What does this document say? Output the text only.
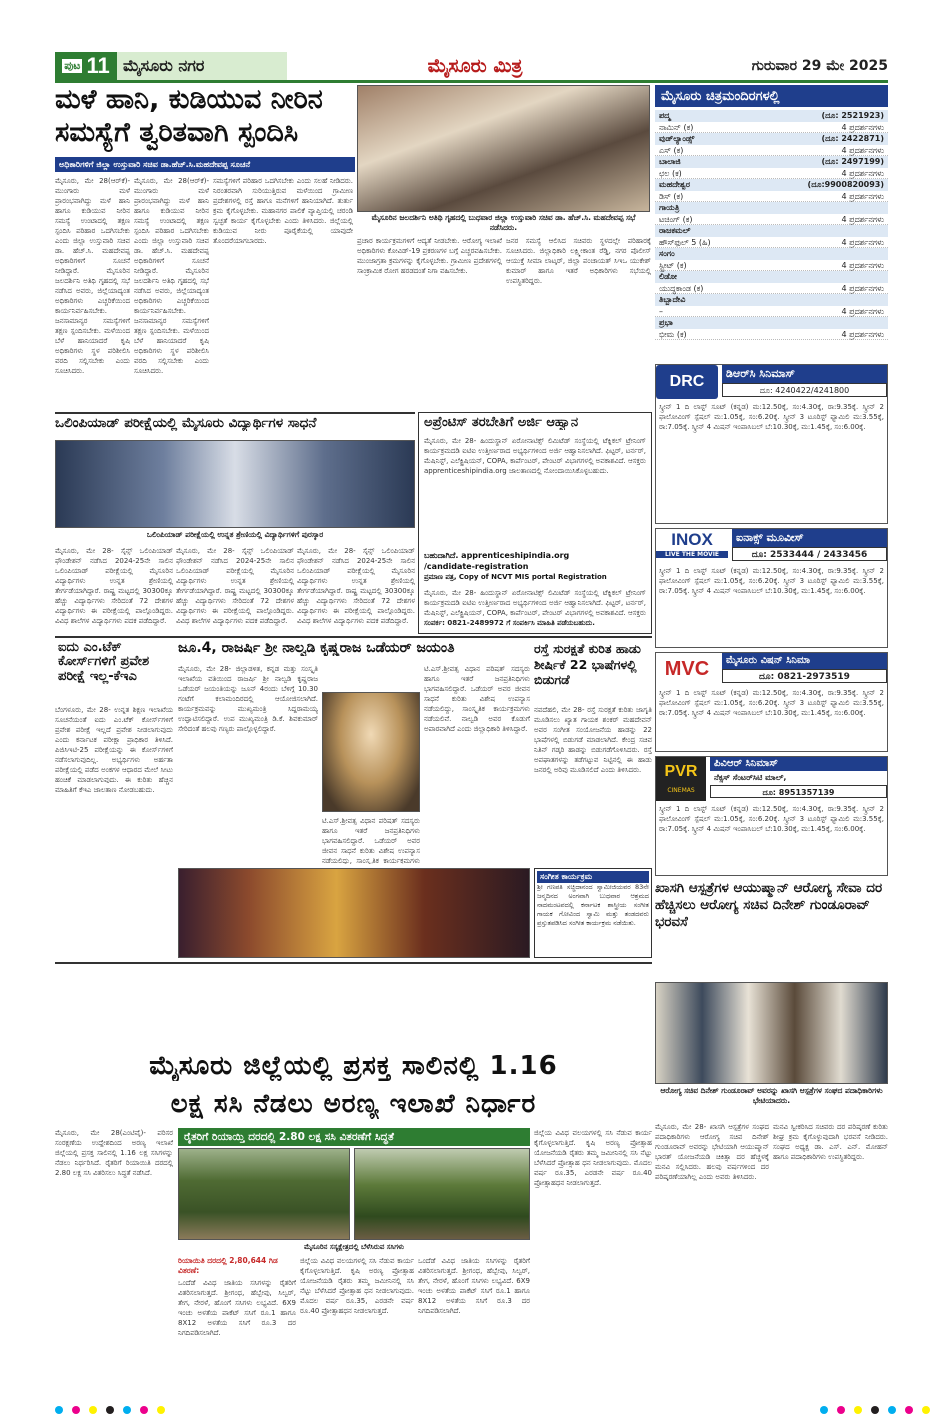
ಪುಟ 11 ಮೈಸೂರು ನಗರ	ಮೈಸೂರು ಮಿತ್ರ	ಗುರುವಾರ 29 ಮೇ 2025
ಮಳೆ ಹಾನಿ, ಕುಡಿಯುವ ನೀರಿನ
ಸಮಸ್ಯೆಗೆ ತ್ವರಿತವಾಗಿ ಸ್ಪಂದಿಸಿ
ಅಧಿಕಾರಿಗಳಿಗೆ ಜಿಲ್ಲಾ ಉಸ್ತುವಾರಿ ಸಚಿವ ಡಾ.ಹೆಚ್.ಸಿ.ಮಹದೇವಪ್ಪ ಸೂಚನೆ
ಮೈಸೂರಿನ ಜಲದರ್ಶಿನಿ ಅತಿಥಿ ಗೃಹದಲ್ಲಿ ಬುಧವಾರ ಜಿಲ್ಲಾ ಉಸ್ತುವಾರಿ ಸಚಿವ ಡಾ. ಹೆಚ್.ಸಿ. ಮಹದೇವಪ್ಪ ಸಭೆ ನಡೆಸಿದರು.
ಮೈಸೂರು, ಮೇ 28(ಆರ್‌ಕೆ)- ಮುಂಗಾರು ಮಳೆ ಪ್ರಾರಂಭವಾಗಿದ್ದು ಮಳೆ ಹಾನಿ ಹಾಗೂ ಕುಡಿಯುವ ನೀರಿನ ಸಮಸ್ಯೆ ಉಂಟಾದಲ್ಲಿ ತಕ್ಷಣ ಸ್ಪಂದಿಸಿ ಪರಿಹಾರ ಒದಗಿಸಬೇಕು ಎಂದು ಜಿಲ್ಲಾ ಉಸ್ತುವಾರಿ ಸಚಿವ ಡಾ. ಹೆಚ್.ಸಿ. ಮಹದೇವಪ್ಪ ಅಧಿಕಾರಿಗಳಿಗೆ ಸೂಚನೆ ನೀಡಿದ್ದಾರೆ. ಮೈಸೂರಿನ ಜಲದರ್ಶಿನಿ ಅತಿಥಿ ಗೃಹದಲ್ಲಿ ಸಭೆ ನಡೆಸಿದ ಅವರು, ಜಿಲ್ಲೆಯಾದ್ಯಂತ ಅಧಿಕಾರಿಗಳು ಎಚ್ಚರಿಕೆಯಿಂದ ಕಾರ್ಯನಿರ್ವಹಿಸಬೇಕು. ಜನಸಾಮಾನ್ಯರ ಸಮಸ್ಯೆಗಳಿಗೆ ತಕ್ಷಣ ಸ್ಪಂದಿಸಬೇಕು. ಮಳೆಯಿಂದ ಬೆಳೆ ಹಾನಿಯಾದರೆ ಕೃಷಿ ಅಧಿಕಾರಿಗಳು ಸ್ಥಳ ಪರಿಶೀಲಿಸಿ ವರದಿ ಸಲ್ಲಿಸಬೇಕು ಎಂದು ಸೂಚಿಸಿದರು.
ಮೈಸೂರು, ಮೇ 28(ಆರ್‌ಕೆ)- ಮುಂಗಾರು ಮಳೆ ಪ್ರಾರಂಭವಾಗಿದ್ದು ಮಳೆ ಹಾನಿ ಹಾಗೂ ಕುಡಿಯುವ ನೀರಿನ ಸಮಸ್ಯೆ ಉಂಟಾದಲ್ಲಿ ತಕ್ಷಣ ಸ್ಪಂದಿಸಿ ಪರಿಹಾರ ಒದಗಿಸಬೇಕು ಎಂದು ಜಿಲ್ಲಾ ಉಸ್ತುವಾರಿ ಸಚಿವ ಡಾ. ಹೆಚ್.ಸಿ. ಮಹದೇವಪ್ಪ ಅಧಿಕಾರಿಗಳಿಗೆ ಸೂಚನೆ ನೀಡಿದ್ದಾರೆ. ಮೈಸೂರಿನ ಜಲದರ್ಶಿನಿ ಅತಿಥಿ ಗೃಹದಲ್ಲಿ ಸಭೆ ನಡೆಸಿದ ಅವರು, ಜಿಲ್ಲೆಯಾದ್ಯಂತ ಅಧಿಕಾರಿಗಳು ಎಚ್ಚರಿಕೆಯಿಂದ ಕಾರ್ಯನಿರ್ವಹಿಸಬೇಕು. ಜನಸಾಮಾನ್ಯರ ಸಮಸ್ಯೆಗಳಿಗೆ ತಕ್ಷಣ ಸ್ಪಂದಿಸಬೇಕು. ಮಳೆಯಿಂದ ಬೆಳೆ ಹಾನಿಯಾದರೆ ಕೃಷಿ ಅಧಿಕಾರಿಗಳು ಸ್ಥಳ ಪರಿಶೀಲಿಸಿ ವರದಿ ಸಲ್ಲಿಸಬೇಕು ಎಂದು ಸೂಚಿಸಿದರು.
ಸಮಸ್ಯೆಗಳಿಗೆ ಪರಿಹಾರ ಒದಗಿಸಬೇಕು ಎಂದು ಸಲಹೆ ನೀಡಿದರು. ನಿರಂತರವಾಗಿ ಸುರಿಯುತ್ತಿರುವ ಮಳೆಯಿಂದ ಗ್ರಾಮೀಣ ಪ್ರದೇಶಗಳಲ್ಲಿ ರಸ್ತೆ ಹಾಗೂ ಮನೆಗಳಿಗೆ ಹಾನಿಯಾಗಿದೆ. ತುರ್ತು ಕ್ರಮ ಕೈಗೊಳ್ಳಬೇಕು. ಮಹಾನಗರ ಪಾಲಿಕೆ ವ್ಯಾಪ್ತಿಯಲ್ಲಿ ಚರಂಡಿ ಸ್ವಚ್ಛತೆ ಕಾರ್ಯ ಕೈಗೊಳ್ಳಬೇಕು ಎಂದು ತಿಳಿಸಿದರು. ಜಿಲ್ಲೆಯಲ್ಲಿ ಕುಡಿಯುವ ನೀರು ಪೂರೈಕೆಯಲ್ಲಿ ಯಾವುದೇ ತೊಂದರೆಯಾಗಬಾರದು.	ಪ್ರಚಾರ ಕಾರ್ಯಕ್ರಮಗಳಿಗೆ ಆದ್ಯತೆ ನೀಡಬೇಕು. ಆರೋಗ್ಯ ಇಲಾಖೆ ಅಧಿಕಾರಿಗಳು ಕೋವಿಡ್-19 ಪ್ರಕರಣಗಳ ಬಗ್ಗೆ ಎಚ್ಚರವಹಿಸಬೇಕು. ಮುಂಜಾಗ್ರತಾ ಕ್ರಮಗಳನ್ನು ಕೈಗೊಳ್ಳಬೇಕು. ಗ್ರಾಮೀಣ ಪ್ರದೇಶಗಳಲ್ಲಿ ಸಾಂಕ್ರಾಮಿಕ ರೋಗ ಹರಡದಂತೆ ನಿಗಾ ವಹಿಸಬೇಕು.
ಜನರ ಸಮಸ್ಯೆ ಆಲಿಸಿದ ಸಚಿವರು ಸ್ಥಳದಲ್ಲೇ ಪರಿಹಾರಕ್ಕೆ ಸೂಚಿಸಿದರು. ಜಿಲ್ಲಾಧಿಕಾರಿ ಲಕ್ಷ್ಮೀಕಾಂತ ರೆಡ್ಡಿ, ನಗರ ಪೊಲೀಸ್ ಆಯುಕ್ತೆ ಸೀಮಾ ಲಾಟ್ಕರ್, ಜಿಲ್ಲಾ ಪಂಚಾಯತ್ ಸಿಇಒ ಯುಕೇಶ್ ಕುಮಾರ್ ಹಾಗೂ ಇತರೆ ಅಧಿಕಾರಿಗಳು ಸಭೆಯಲ್ಲಿ ಉಪಸ್ಥಿತರಿದ್ದರು.
ಮೈಸೂರು ಚಿತ್ರಮಂದಿರಗಳಲ್ಲಿ
ಪದ್ಮ	(ದೂ: 2521923)
ನಾಮಿನ್ (ಕ)	4 ಪ್ರದರ್ಶನಗಳು
ವುಡ್‌ಲ್ಯಾಂಡ್ಸ್	(ದೂ: 2422871)
ಎಸ್ (ಕ)	4 ಪ್ರದರ್ಶನಗಳು
ಬಾಲಾಜಿ	(ದೂ: 2497199)
ಛಲ (ಕ)	4 ಪ್ರದರ್ಶನಗಳು
ಮಹದೇಶ್ವರ	(ದೂ:9900820093)
ಡಿಸ್ (ಕ)	4 ಪ್ರದರ್ಶನಗಳು
ಗಾಯತ್ರಿ
ಟಚಿಂಗ್ (ಕ)	4 ಪ್ರದರ್ಶನಗಳು
ರಾಜಕಮಲ್
ಹೌಸ್‌ಫುಲ್ 5 (ಹಿ)	4 ಪ್ರದರ್ಶನಗಳು
ಸಂಗಂ
ಸ್ಟ್ರೀಟ್ (ಕ)	4 ಪ್ರದರ್ಶನಗಳು
ಲಿಡೋ
ಯುದ್ಧಕಾಂಡ (ಕ)	4 ಪ್ರದರ್ಶನಗಳು
ತಿಬ್ಬಾದೇವಿ
–	4 ಪ್ರದರ್ಶನಗಳು
ಪ್ರಭಾ
ಭೀಮ (ಕ)	4 ಪ್ರದರ್ಶನಗಳು
DRC	ಡಿಆರ್‌ಸಿ ಸಿನಿಮಾಸ್
ದೂ: 4240422/4241800
ಸ್ಕ್ರೀನ್ 1 ದಿ ಲಾಸ್ಟ್ ಸೂಟ್ (ಕನ್ನಡ) ಮ:12.50ಕ್ಕೆ, ಸಂ:4.30ಕ್ಕೆ, ರಾ:9.35ಕ್ಕೆ. ಸ್ಕ್ರೀನ್ 2 ಫಾಲೋವಿಂಗ್ ಸ್ಪೆಷಲ್ ಮ:1.05ಕ್ಕೆ, ಸಂ:6.20ಕ್ಕೆ. ಸ್ಕ್ರೀನ್ 3 ಟೂರಿಸ್ಟ್ ಫ್ಯಾಮಿಲಿ ಮ:3.55ಕ್ಕೆ, ರಾ:7.05ಕ್ಕೆ. ಸ್ಕ್ರೀನ್ 4 ಮಿಷನ್ ಇಂಪಾಸಿಬಲ್ ಬೆ:10.30ಕ್ಕೆ, ಮ:1.45ಕ್ಕೆ, ಸಂ:6.00ಕ್ಕೆ.
INOX
LIVE THE MOVIE
ಐನಾಕ್ಸ್ ಮೂವೀಸ್
ದೂ: 2533444 / 2433456
ಸ್ಕ್ರೀನ್ 1 ದಿ ಲಾಸ್ಟ್ ಸೂಟ್ (ಕನ್ನಡ) ಮ:12.50ಕ್ಕೆ, ಸಂ:4.30ಕ್ಕೆ, ರಾ:9.35ಕ್ಕೆ. ಸ್ಕ್ರೀನ್ 2 ಫಾಲೋವಿಂಗ್ ಸ್ಪೆಷಲ್ ಮ:1.05ಕ್ಕೆ, ಸಂ:6.20ಕ್ಕೆ. ಸ್ಕ್ರೀನ್ 3 ಟೂರಿಸ್ಟ್ ಫ್ಯಾಮಿಲಿ ಮ:3.55ಕ್ಕೆ, ರಾ:7.05ಕ್ಕೆ. ಸ್ಕ್ರೀನ್ 4 ಮಿಷನ್ ಇಂಪಾಸಿಬಲ್ ಬೆ:10.30ಕ್ಕೆ, ಮ:1.45ಕ್ಕೆ, ಸಂ:6.00ಕ್ಕೆ.
MVC	ಮೈಸೂರು ವಿಷನ್ ಸಿನಿಮಾ
ದೂ: 0821-2973519
ಸ್ಕ್ರೀನ್ 1 ದಿ ಲಾಸ್ಟ್ ಸೂಟ್ (ಕನ್ನಡ) ಮ:12.50ಕ್ಕೆ, ಸಂ:4.30ಕ್ಕೆ, ರಾ:9.35ಕ್ಕೆ. ಸ್ಕ್ರೀನ್ 2 ಫಾಲೋವಿಂಗ್ ಸ್ಪೆಷಲ್ ಮ:1.05ಕ್ಕೆ, ಸಂ:6.20ಕ್ಕೆ. ಸ್ಕ್ರೀನ್ 3 ಟೂರಿಸ್ಟ್ ಫ್ಯಾಮಿಲಿ ಮ:3.55ಕ್ಕೆ, ರಾ:7.05ಕ್ಕೆ. ಸ್ಕ್ರೀನ್ 4 ಮಿಷನ್ ಇಂಪಾಸಿಬಲ್ ಬೆ:10.30ಕ್ಕೆ, ಮ:1.45ಕ್ಕೆ, ಸಂ:6.00ಕ್ಕೆ.
PVR
CINEMAS
ಪಿವಿಆರ್ ಸಿನಿಮಾಸ್
ನೆಕ್ಸಸ್ ಸೆಂಟರ್‌ಸಿಟಿ ಮಾಲ್,
ದೂ: 8951357139
ಸ್ಕ್ರೀನ್ 1 ದಿ ಲಾಸ್ಟ್ ಸೂಟ್ (ಕನ್ನಡ) ಮ:12.50ಕ್ಕೆ, ಸಂ:4.30ಕ್ಕೆ, ರಾ:9.35ಕ್ಕೆ. ಸ್ಕ್ರೀನ್ 2 ಫಾಲೋವಿಂಗ್ ಸ್ಪೆಷಲ್ ಮ:1.05ಕ್ಕೆ, ಸಂ:6.20ಕ್ಕೆ. ಸ್ಕ್ರೀನ್ 3 ಟೂರಿಸ್ಟ್ ಫ್ಯಾಮಿಲಿ ಮ:3.55ಕ್ಕೆ, ರಾ:7.05ಕ್ಕೆ. ಸ್ಕ್ರೀನ್ 4 ಮಿಷನ್ ಇಂಪಾಸಿಬಲ್ ಬೆ:10.30ಕ್ಕೆ, ಮ:1.45ಕ್ಕೆ, ಸಂ:6.00ಕ್ಕೆ.
ಒಲಿಂಪಿಯಾಡ್ ಪರೀಕ್ಷೆಯಲ್ಲಿ ಮೈಸೂರು ವಿದ್ಯಾರ್ಥಿಗಳ ಸಾಧನೆ
ಒಲಿಂಪಿಯಾಡ್ ಪರೀಕ್ಷೆಯಲ್ಲಿ ಉನ್ನತ ಶ್ರೇಣಿಯಲ್ಲಿ ವಿದ್ಯಾರ್ಥಿಗಳಿಗೆ ಪುರಸ್ಕಾರ
ಮೈಸೂರು, ಮೇ 28- ಸೈನ್ಸ್ ಒಲಿಂಪಿಯಾಡ್ ಫೌಂಡೇಶನ್ ನಡೆಸಿದ 2024-25ನೇ ಸಾಲಿನ ಒಲಿಂಪಿಯಾಡ್ ಪರೀಕ್ಷೆಯಲ್ಲಿ ಮೈಸೂರಿನ ವಿದ್ಯಾರ್ಥಿಗಳು ಉನ್ನತ ಶ್ರೇಣಿಯಲ್ಲಿ ತೇರ್ಗಡೆಯಾಗಿದ್ದಾರೆ. ರಾಷ್ಟ್ರ ಮಟ್ಟದಲ್ಲಿ 30300ಕ್ಕೂ ಹೆಚ್ಚು ವಿದ್ಯಾರ್ಥಿಗಳು ಸೇರಿದಂತೆ 72 ದೇಶಗಳ ವಿದ್ಯಾರ್ಥಿಗಳು ಈ ಪರೀಕ್ಷೆಯಲ್ಲಿ ಪಾಲ್ಗೊಂಡಿದ್ದರು. ವಿವಿಧ ಶಾಲೆಗಳ ವಿದ್ಯಾರ್ಥಿಗಳು ಪದಕ ಪಡೆದಿದ್ದಾರೆ.
ಮೈಸೂರು, ಮೇ 28- ಸೈನ್ಸ್ ಒಲಿಂಪಿಯಾಡ್ ಫೌಂಡೇಶನ್ ನಡೆಸಿದ 2024-25ನೇ ಸಾಲಿನ ಒಲಿಂಪಿಯಾಡ್ ಪರೀಕ್ಷೆಯಲ್ಲಿ ಮೈಸೂರಿನ ವಿದ್ಯಾರ್ಥಿಗಳು ಉನ್ನತ ಶ್ರೇಣಿಯಲ್ಲಿ ತೇರ್ಗಡೆಯಾಗಿದ್ದಾರೆ. ರಾಷ್ಟ್ರ ಮಟ್ಟದಲ್ಲಿ 30300ಕ್ಕೂ ಹೆಚ್ಚು ವಿದ್ಯಾರ್ಥಿಗಳು ಸೇರಿದಂತೆ 72 ದೇಶಗಳ ವಿದ್ಯಾರ್ಥಿಗಳು ಈ ಪರೀಕ್ಷೆಯಲ್ಲಿ ಪಾಲ್ಗೊಂಡಿದ್ದರು. ವಿವಿಧ ಶಾಲೆಗಳ ವಿದ್ಯಾರ್ಥಿಗಳು ಪದಕ ಪಡೆದಿದ್ದಾರೆ.
ಮೈಸೂರು, ಮೇ 28- ಸೈನ್ಸ್ ಒಲಿಂಪಿಯಾಡ್ ಫೌಂಡೇಶನ್ ನಡೆಸಿದ 2024-25ನೇ ಸಾಲಿನ ಒಲಿಂಪಿಯಾಡ್ ಪರೀಕ್ಷೆಯಲ್ಲಿ ಮೈಸೂರಿನ ವಿದ್ಯಾರ್ಥಿಗಳು ಉನ್ನತ ಶ್ರೇಣಿಯಲ್ಲಿ ತೇರ್ಗಡೆಯಾಗಿದ್ದಾರೆ. ರಾಷ್ಟ್ರ ಮಟ್ಟದಲ್ಲಿ 30300ಕ್ಕೂ ಹೆಚ್ಚು ವಿದ್ಯಾರ್ಥಿಗಳು ಸೇರಿದಂತೆ 72 ದೇಶಗಳ ವಿದ್ಯಾರ್ಥಿಗಳು ಈ ಪರೀಕ್ಷೆಯಲ್ಲಿ ಪಾಲ್ಗೊಂಡಿದ್ದರು. ವಿವಿಧ ಶಾಲೆಗಳ ವಿದ್ಯಾರ್ಥಿಗಳು ಪದಕ ಪಡೆದಿದ್ದಾರೆ.
ಅಪ್ರೆಂಟಿಸ್ ತರಬೇತಿಗೆ ಅರ್ಜಿ ಆಹ್ವಾನ
ಮೈಸೂರು, ಮೇ 28- ಹಿಂದುಸ್ಥಾನ್ ಏರೋನಾಟಿಕ್ಸ್ ಲಿಮಿಟೆಡ್ ಸಂಸ್ಥೆಯಲ್ಲಿ ಟೆಕ್ನಿಕಲ್ ಟ್ರೇನಿಂಗ್ ಕಾರ್ಯಕ್ರಮದಡಿ ಐಟಿಐ ಉತ್ತೀರ್ಣರಾದ ಅಭ್ಯರ್ಥಿಗಳಿಂದ ಅರ್ಜಿ ಆಹ್ವಾನಿಸಲಾಗಿದೆ. ಫಿಟ್ಟರ್, ಟರ್ನರ್, ಮೆಷಿನಿಸ್ಟ್, ಎಲೆಕ್ಟ್ರಿಷಿಯನ್, COPA, ಕಾರ್ಪೆಂಟರ್, ಪೇಂಟರ್ ವಿಭಾಗಗಳಲ್ಲಿ ಅವಕಾಶವಿದೆ. ಆಸಕ್ತರು apprenticeshipindia.org ಜಾಲತಾಣದಲ್ಲಿ ನೋಂದಾಯಿಸಿಕೊಳ್ಳಬಹುದು.
ಬಹುದಾಗಿದೆ. apprenticeshipindia.org
/candidate-registration
ಪ್ರಮಾಣ ಪತ್ರ, Copy of NCVT MIS portal Registration
ಮೈಸೂರು, ಮೇ 28- ಹಿಂದುಸ್ಥಾನ್ ಏರೋನಾಟಿಕ್ಸ್ ಲಿಮಿಟೆಡ್ ಸಂಸ್ಥೆಯಲ್ಲಿ ಟೆಕ್ನಿಕಲ್ ಟ್ರೇನಿಂಗ್ ಕಾರ್ಯಕ್ರಮದಡಿ ಐಟಿಐ ಉತ್ತೀರ್ಣರಾದ ಅಭ್ಯರ್ಥಿಗಳಿಂದ ಅರ್ಜಿ ಆಹ್ವಾನಿಸಲಾಗಿದೆ. ಫಿಟ್ಟರ್, ಟರ್ನರ್, ಮೆಷಿನಿಸ್ಟ್, ಎಲೆಕ್ಟ್ರಿಷಿಯನ್, COPA, ಕಾರ್ಪೆಂಟರ್, ಪೇಂಟರ್ ವಿಭಾಗಗಳಲ್ಲಿ ಅವಕಾಶವಿದೆ. ಆಸಕ್ತರು
ಸಂಪರ್ಕ: 0821-2489972 ಗೆ ಸಂಪರ್ಕಿಸಿ ಮಾಹಿತಿ ಪಡೆಯಬಹುದು.
ಐದು ಎಂ.ಟೆಕ್ ಕೋರ್ಸ್‌ಗಳಿಗೆ ಪ್ರವೇಶ ಪರೀಕ್ಷೆ ಇಲ್ಲ-ಕೆಇಎ
ಬೆಂಗಳೂರು, ಮೇ 28- ಉನ್ನತ ಶಿಕ್ಷಣ ಇಲಾಖೆಯ ಸೂಚನೆಯಂತೆ ಐದು ಎಂ.ಟೆಕ್ ಕೋರ್ಸ್‌ಗಳಿಗೆ ಪ್ರವೇಶ ಪರೀಕ್ಷೆ ಇಲ್ಲದೆ ಪ್ರವೇಶ ನೀಡಲಾಗುವುದು ಎಂದು ಕರ್ನಾಟಕ ಪರೀಕ್ಷಾ ಪ್ರಾಧಿಕಾರ ತಿಳಿಸಿದೆ. ಪಿಜಿಸಿಇಟಿ-25 ಪರೀಕ್ಷೆಯನ್ನು ಈ ಕೋರ್ಸ್‌ಗಳಿಗೆ ನಡೆಸಲಾಗುವುದಿಲ್ಲ. ಅಭ್ಯರ್ಥಿಗಳು ಅರ್ಹತಾ ಪರೀಕ್ಷೆಯಲ್ಲಿ ಪಡೆದ ಅಂಕಗಳ ಆಧಾರದ ಮೇಲೆ ಸೀಟು ಹಂಚಿಕೆ ಮಾಡಲಾಗುವುದು. ಈ ಕುರಿತು ಹೆಚ್ಚಿನ ಮಾಹಿತಿಗೆ ಕೆಇಎ ಜಾಲತಾಣ ನೋಡಬಹುದು.
ಜೂ.4, ರಾಜರ್ಷಿ ಶ್ರೀ ನಾಲ್ವಡಿ ಕೃಷ್ಣರಾಜ ಒಡೆಯರ್ ಜಯಂತಿ
ಮೈಸೂರು, ಮೇ 28- ಜಿಲ್ಲಾಡಳಿತ, ಕನ್ನಡ ಮತ್ತು ಸಂಸ್ಕೃತಿ ಇಲಾಖೆಯ ವತಿಯಿಂದ ರಾಜರ್ಷಿ ಶ್ರೀ ನಾಲ್ವಡಿ ಕೃಷ್ಣರಾಜ ಒಡೆಯರ್ ಜಯಂತಿಯನ್ನು ಜೂನ್ 4ರಂದು ಬೆಳಿಗ್ಗೆ 10.30 ಗಂಟೆಗೆ ಕಲಾಮಂದಿರದಲ್ಲಿ ಆಯೋಜಿಸಲಾಗಿದೆ. ಕಾರ್ಯಕ್ರಮವನ್ನು ಮುಖ್ಯಮಂತ್ರಿ ಸಿದ್ದರಾಮಯ್ಯ ಉದ್ಘಾಟಿಸಲಿದ್ದಾರೆ. ಉಪ ಮುಖ್ಯಮಂತ್ರಿ ಡಿ.ಕೆ. ಶಿವಕುಮಾರ್ ಸೇರಿದಂತೆ ಹಲವು ಗಣ್ಯರು ಪಾಲ್ಗೊಳ್ಳಲಿದ್ದಾರೆ.
ಟಿ.ಎಸ್.ಶ್ರೀವತ್ಸ ವಿಧಾನ ಪರಿಷತ್ ಸದಸ್ಯರು ಹಾಗೂ ಇತರೆ ಜನಪ್ರತಿನಿಧಿಗಳು ಭಾಗವಹಿಸಲಿದ್ದಾರೆ. ಒಡೆಯರ್ ಅವರ ಜೀವನ ಸಾಧನೆ ಕುರಿತು ವಿಶೇಷ ಉಪನ್ಯಾಸ ನಡೆಯಲಿದ್ದು, ಸಾಂಸ್ಕೃತಿಕ ಕಾರ್ಯಕ್ರಮಗಳು
ಟಿ.ಎಸ್.ಶ್ರೀವತ್ಸ ವಿಧಾನ ಪರಿಷತ್ ಸದಸ್ಯರು ಹಾಗೂ ಇತರೆ ಜನಪ್ರತಿನಿಧಿಗಳು ಭಾಗವಹಿಸಲಿದ್ದಾರೆ. ಒಡೆಯರ್ ಅವರ ಜೀವನ ಸಾಧನೆ ಕುರಿತು ವಿಶೇಷ ಉಪನ್ಯಾಸ ನಡೆಯಲಿದ್ದು, ಸಾಂಸ್ಕೃತಿಕ ಕಾರ್ಯಕ್ರಮಗಳು ನಡೆಯಲಿವೆ. ನಾಲ್ವಡಿ ಅವರ ಕೊಡುಗೆ ಅಪಾರವಾಗಿದೆ ಎಂದು ಜಿಲ್ಲಾಧಿಕಾರಿ ತಿಳಿಸಿದ್ದಾರೆ.
ರಸ್ತೆ ಸುರಕ್ಷತೆ ಕುರಿತ ಹಾಡು ಶೀರ್ಷಿಕೆ 22 ಭಾಷೆಗಳಲ್ಲಿ ಬಿಡುಗಡೆ
ನವದೆಹಲಿ, ಮೇ 28- ರಸ್ತೆ ಸುರಕ್ಷತೆ ಕುರಿತು ಜಾಗೃತಿ ಮೂಡಿಸಲು ಖ್ಯಾತ ಗಾಯಕ ಶಂಕರ್ ಮಹದೇವನ್ ಅವರ ಸಂಗೀತ ಸಂಯೋಜನೆಯ ಹಾಡನ್ನು 22 ಭಾಷೆಗಳಲ್ಲಿ ಬಿಡುಗಡೆ ಮಾಡಲಾಗಿದೆ. ಕೇಂದ್ರ ಸಚಿವ ನಿತಿನ್ ಗಡ್ಕರಿ ಹಾಡನ್ನು ಬಿಡುಗಡೆಗೊಳಿಸಿದರು. ರಸ್ತೆ ಅಪಘಾತಗಳನ್ನು ತಡೆಗಟ್ಟುವ ನಿಟ್ಟಿನಲ್ಲಿ ಈ ಹಾಡು ಜನರಲ್ಲಿ ಅರಿವು ಮೂಡಿಸಲಿದೆ ಎಂದು ತಿಳಿಸಿದರು.
ಸಂಗೀತ ಕಾರ್ಯಕ್ರಮ
ಶ್ರೀ ಗಣಪತಿ ಸಚ್ಚಿದಾನಂದ ಸ್ವಾಮೀಜಿಯವರ 83ನೇ ಜನ್ಮದಿನದ ಅಂಗವಾಗಿ ಬುಧವಾರ ಆಶ್ರಮದ ನಾದಮಂಟಪದಲ್ಲಿ ಕರ್ನಾಟಕ ಶಾಸ್ತ್ರೀಯ ಸಂಗೀತ ಗಾಯಕ ಗೋವಿಂದ ಸ್ವಾಮಿ ಮತ್ತು ತಂಡದವರು ಪ್ರಸ್ತುತಪಡಿಸಿದ ಸಂಗೀತ ಕಾರ್ಯಕ್ರಮ ನಡೆಯಿತು.
ಖಾಸಗಿ ಆಸ್ಪತ್ರೆಗಳ ಆಯುಷ್ಮಾನ್ ಆರೋಗ್ಯ ಸೇವಾ ದರ ಹೆಚ್ಚಿಸಲು ಆರೋಗ್ಯ ಸಚಿವ ದಿನೇಶ್ ಗುಂಡೂರಾವ್ ಭರವಸೆ
ಆರೋಗ್ಯ ಸಚಿವ ದಿನೇಶ್ ಗುಂಡೂರಾವ್ ಅವರನ್ನು ಖಾಸಗಿ ಆಸ್ಪತ್ರೆಗಳ ಸಂಘದ ಪದಾಧಿಕಾರಿಗಳು ಭೇಟಿಯಾದರು.
ಮೈಸೂರು, ಮೇ 28- ಖಾಸಗಿ ಆಸ್ಪತ್ರೆಗಳ ಸಂಘದ ಪದಾಧಿಕಾರಿಗಳು ಆರೋಗ್ಯ ಸಚಿವ ದಿನೇಶ್ ಗುಂಡೂರಾವ್ ಅವರನ್ನು ಭೇಟಿಯಾಗಿ ಆಯುಷ್ಮಾನ್ ಭಾರತ್ ಯೋಜನೆಯಡಿ ಚಿಕಿತ್ಸಾ ದರ ಹೆಚ್ಚಳಕ್ಕೆ ಮನವಿ ಸಲ್ಲಿಸಿದರು. ಹಲವು ವರ್ಷಗಳಿಂದ ದರ ಪರಿಷ್ಕರಣೆಯಾಗಿಲ್ಲ ಎಂದು ಅವರು ತಿಳಿಸಿದರು.
ಮನವಿ ಸ್ವೀಕರಿಸಿದ ಸಚಿವರು ದರ ಪರಿಷ್ಕರಣೆ ಕುರಿತು ಶೀಘ್ರ ಕ್ರಮ ಕೈಗೊಳ್ಳುವುದಾಗಿ ಭರವಸೆ ನೀಡಿದರು. ಸಂಘದ ಅಧ್ಯಕ್ಷ ಡಾ. ಎಸ್. ಎನ್. ಮೋಹನ್ ಹಾಗೂ ಪದಾಧಿಕಾರಿಗಳು ಉಪಸ್ಥಿತರಿದ್ದರು.
ಮೈಸೂರು ಜಿಲ್ಲೆಯಲ್ಲಿ ಪ್ರಸಕ್ತ ಸಾಲಿನಲ್ಲಿ 1.16
ಲಕ್ಷ ಸಸಿ ನೆಡಲು ಅರಣ್ಯ ಇಲಾಖೆ ನಿರ್ಧಾರ
ಮೈಸೂರು, ಮೇ 28(ಎಂಟಿವೈ)- ಪರಿಸರ ಸಂರಕ್ಷಣೆಯ ಉದ್ದೇಶದಿಂದ ಅರಣ್ಯ ಇಲಾಖೆ ಜಿಲ್ಲೆಯಲ್ಲಿ ಪ್ರಸಕ್ತ ಸಾಲಿನಲ್ಲಿ 1.16 ಲಕ್ಷ ಸಸಿಗಳನ್ನು ನೆಡಲು ನಿರ್ಧರಿಸಿದೆ. ರೈತರಿಗೆ ರಿಯಾಯಿತಿ ದರದಲ್ಲಿ 2.80 ಲಕ್ಷ ಸಸಿ ವಿತರಿಸಲು ಸಿದ್ಧತೆ ನಡೆಸಿದೆ.
ರೈತರಿಗೆ ರಿಯಾಯ್ತಿ ದರದಲ್ಲಿ 2.80 ಲಕ್ಷ ಸಸಿ ವಿತರಣೆಗೆ ಸಿದ್ಧತೆ
ಮೈಸೂರಿನ ಸಸ್ಯಕ್ಷೇತ್ರದಲ್ಲಿ ಬೆಳೆಸಿರುವ ಸಸಿಗಳು
ರಿಯಾಯಿತಿ ದರದಲ್ಲಿ 2,80,644 ಗಿಡ ವಿತರಣೆ:
ಒಂದೆಡೆ ವಿವಿಧ ಜಾತಿಯ ಸಸಿಗಳನ್ನು ರೈತರಿಗೆ ವಿತರಿಸಲಾಗುತ್ತದೆ. ಶ್ರೀಗಂಧ, ಹೆಬ್ಬೇವು, ಸಿಲ್ವರ್, ತೇಗ, ನೇರಳೆ, ಹೊಂಗೆ ಸಸಿಗಳು ಲಭ್ಯವಿದೆ. 6X9 ಇಂಚು ಅಳತೆಯ ಪಾಕೆಟ್ ಸಸಿಗೆ ರೂ.1 ಹಾಗೂ 8X12 ಅಳತೆಯ ಸಸಿಗೆ ರೂ.3 ದರ ನಿಗದಿಪಡಿಸಲಾಗಿದೆ.
ಜಿಲ್ಲೆಯ ವಿವಿಧ ವಲಯಗಳಲ್ಲಿ ಸಸಿ ನೆಡುವ ಕಾರ್ಯ ಕೈಗೊಳ್ಳಲಾಗುತ್ತಿದೆ. ಕೃಷಿ ಅರಣ್ಯ ಪ್ರೋತ್ಸಾಹ ಯೋಜನೆಯಡಿ ರೈತರು ತಮ್ಮ ಜಮೀನಿನಲ್ಲಿ ಸಸಿ ನೆಟ್ಟು ಬೆಳೆಸಿದರೆ ಪ್ರೋತ್ಸಾಹ ಧನ ನೀಡಲಾಗುವುದು. ಮೊದಲ ವರ್ಷ ರೂ.35, ಎರಡನೇ ವರ್ಷ ರೂ.40 ಪ್ರೋತ್ಸಾಹಧನ ನೀಡಲಾಗುತ್ತದೆ.
ಒಂದೆಡೆ ವಿವಿಧ ಜಾತಿಯ ಸಸಿಗಳನ್ನು ರೈತರಿಗೆ ವಿತರಿಸಲಾಗುತ್ತದೆ. ಶ್ರೀಗಂಧ, ಹೆಬ್ಬೇವು, ಸಿಲ್ವರ್, ತೇಗ, ನೇರಳೆ, ಹೊಂಗೆ ಸಸಿಗಳು ಲಭ್ಯವಿದೆ. 6X9 ಇಂಚು ಅಳತೆಯ ಪಾಕೆಟ್ ಸಸಿಗೆ ರೂ.1 ಹಾಗೂ 8X12 ಅಳತೆಯ ಸಸಿಗೆ ರೂ.3 ದರ ನಿಗದಿಪಡಿಸಲಾಗಿದೆ.
ಜಿಲ್ಲೆಯ ವಿವಿಧ ವಲಯಗಳಲ್ಲಿ ಸಸಿ ನೆಡುವ ಕಾರ್ಯ ಕೈಗೊಳ್ಳಲಾಗುತ್ತಿದೆ. ಕೃಷಿ ಅರಣ್ಯ ಪ್ರೋತ್ಸಾಹ ಯೋಜನೆಯಡಿ ರೈತರು ತಮ್ಮ ಜಮೀನಿನಲ್ಲಿ ಸಸಿ ನೆಟ್ಟು ಬೆಳೆಸಿದರೆ ಪ್ರೋತ್ಸಾಹ ಧನ ನೀಡಲಾಗುವುದು. ಮೊದಲ ವರ್ಷ ರೂ.35, ಎರಡನೇ ವರ್ಷ ರೂ.40 ಪ್ರೋತ್ಸಾಹಧನ ನೀಡಲಾಗುತ್ತದೆ.
